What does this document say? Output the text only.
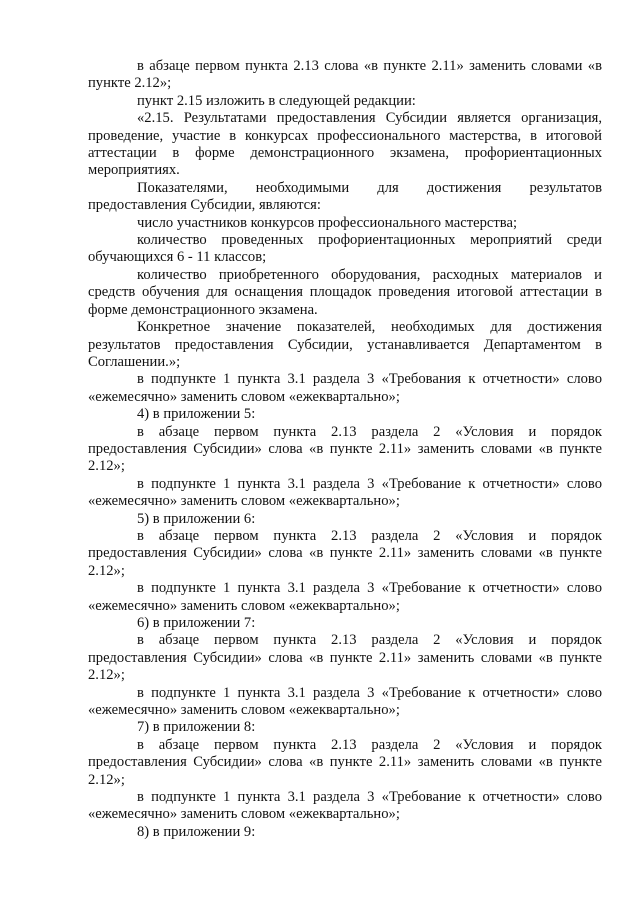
в абзаце первом пункта 2.13 слова «в пункте 2.11» заменить словами «в пункте 2.12»;

пункт 2.15 изложить в следующей редакции:

«2.15. Результатами предоставления Субсидии является организация, проведение, участие в конкурсах профессионального мастерства, в итоговой аттестации в форме демонстрационного экзамена, профориентационных мероприятиях.

Показателями, необходимыми для достижения результатов предоставления Субсидии, являются:

число участников конкурсов профессионального мастерства;

количество проведенных профориентационных мероприятий среди обучающихся 6 - 11 классов;

количество приобретенного оборудования, расходных материалов и средств обучения для оснащения площадок проведения итоговой аттестации в форме демонстрационного экзамена.

Конкретное значение показателей, необходимых для достижения результатов предоставления Субсидии, устанавливается Департаментом в Соглашении.»;

в подпункте 1 пункта 3.1 раздела 3 «Требования к отчетности» слово «ежемесячно» заменить словом «ежеквартально»;

4) в приложении 5:

в абзаце первом пункта 2.13 раздела 2 «Условия и порядок предоставления Субсидии» слова «в пункте 2.11» заменить словами «в пункте 2.12»;

в подпункте 1 пункта 3.1 раздела 3 «Требование к отчетности» слово «ежемесячно» заменить словом «ежеквартально»;

5) в приложении 6:

в абзаце первом пункта 2.13 раздела 2 «Условия и порядок предоставления Субсидии» слова «в пункте 2.11» заменить словами «в пункте 2.12»;

в подпункте 1 пункта 3.1 раздела 3 «Требование к отчетности» слово «ежемесячно» заменить словом «ежеквартально»;

6) в приложении 7:

в абзаце первом пункта 2.13 раздела 2 «Условия и порядок предоставления Субсидии» слова «в пункте 2.11» заменить словами «в пункте 2.12»;

в подпункте 1 пункта 3.1 раздела 3 «Требование к отчетности» слово «ежемесячно» заменить словом «ежеквартально»;

7) в приложении 8:

в абзаце первом пункта 2.13 раздела 2 «Условия и порядок предоставления Субсидии» слова «в пункте 2.11» заменить словами «в пункте 2.12»;

в подпункте 1 пункта 3.1 раздела 3 «Требование к отчетности» слово «ежемесячно» заменить словом «ежеквартально»;

8) в приложении 9:
